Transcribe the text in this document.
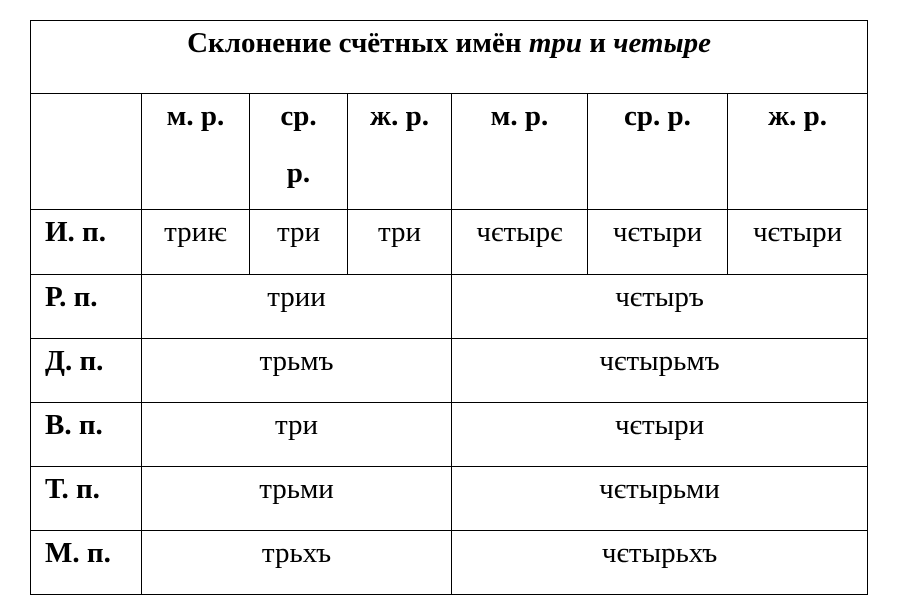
Склонение счётных имён три и четыре						

	м. р.	ср. р.	ж. р.	м. р.	ср. р.	ж. р.

И. п.	триѥ	три	три	чєтырє	чєтыри	чєтыри
Р. п.	трии			чєтыръ		
Д. п.	трьмъ			чєтырьмъ		
В. п.	три			чєтыри		
Т. п.	трьми			чєтырьми		
М. п.	трьхъ			чєтырьхъ		
